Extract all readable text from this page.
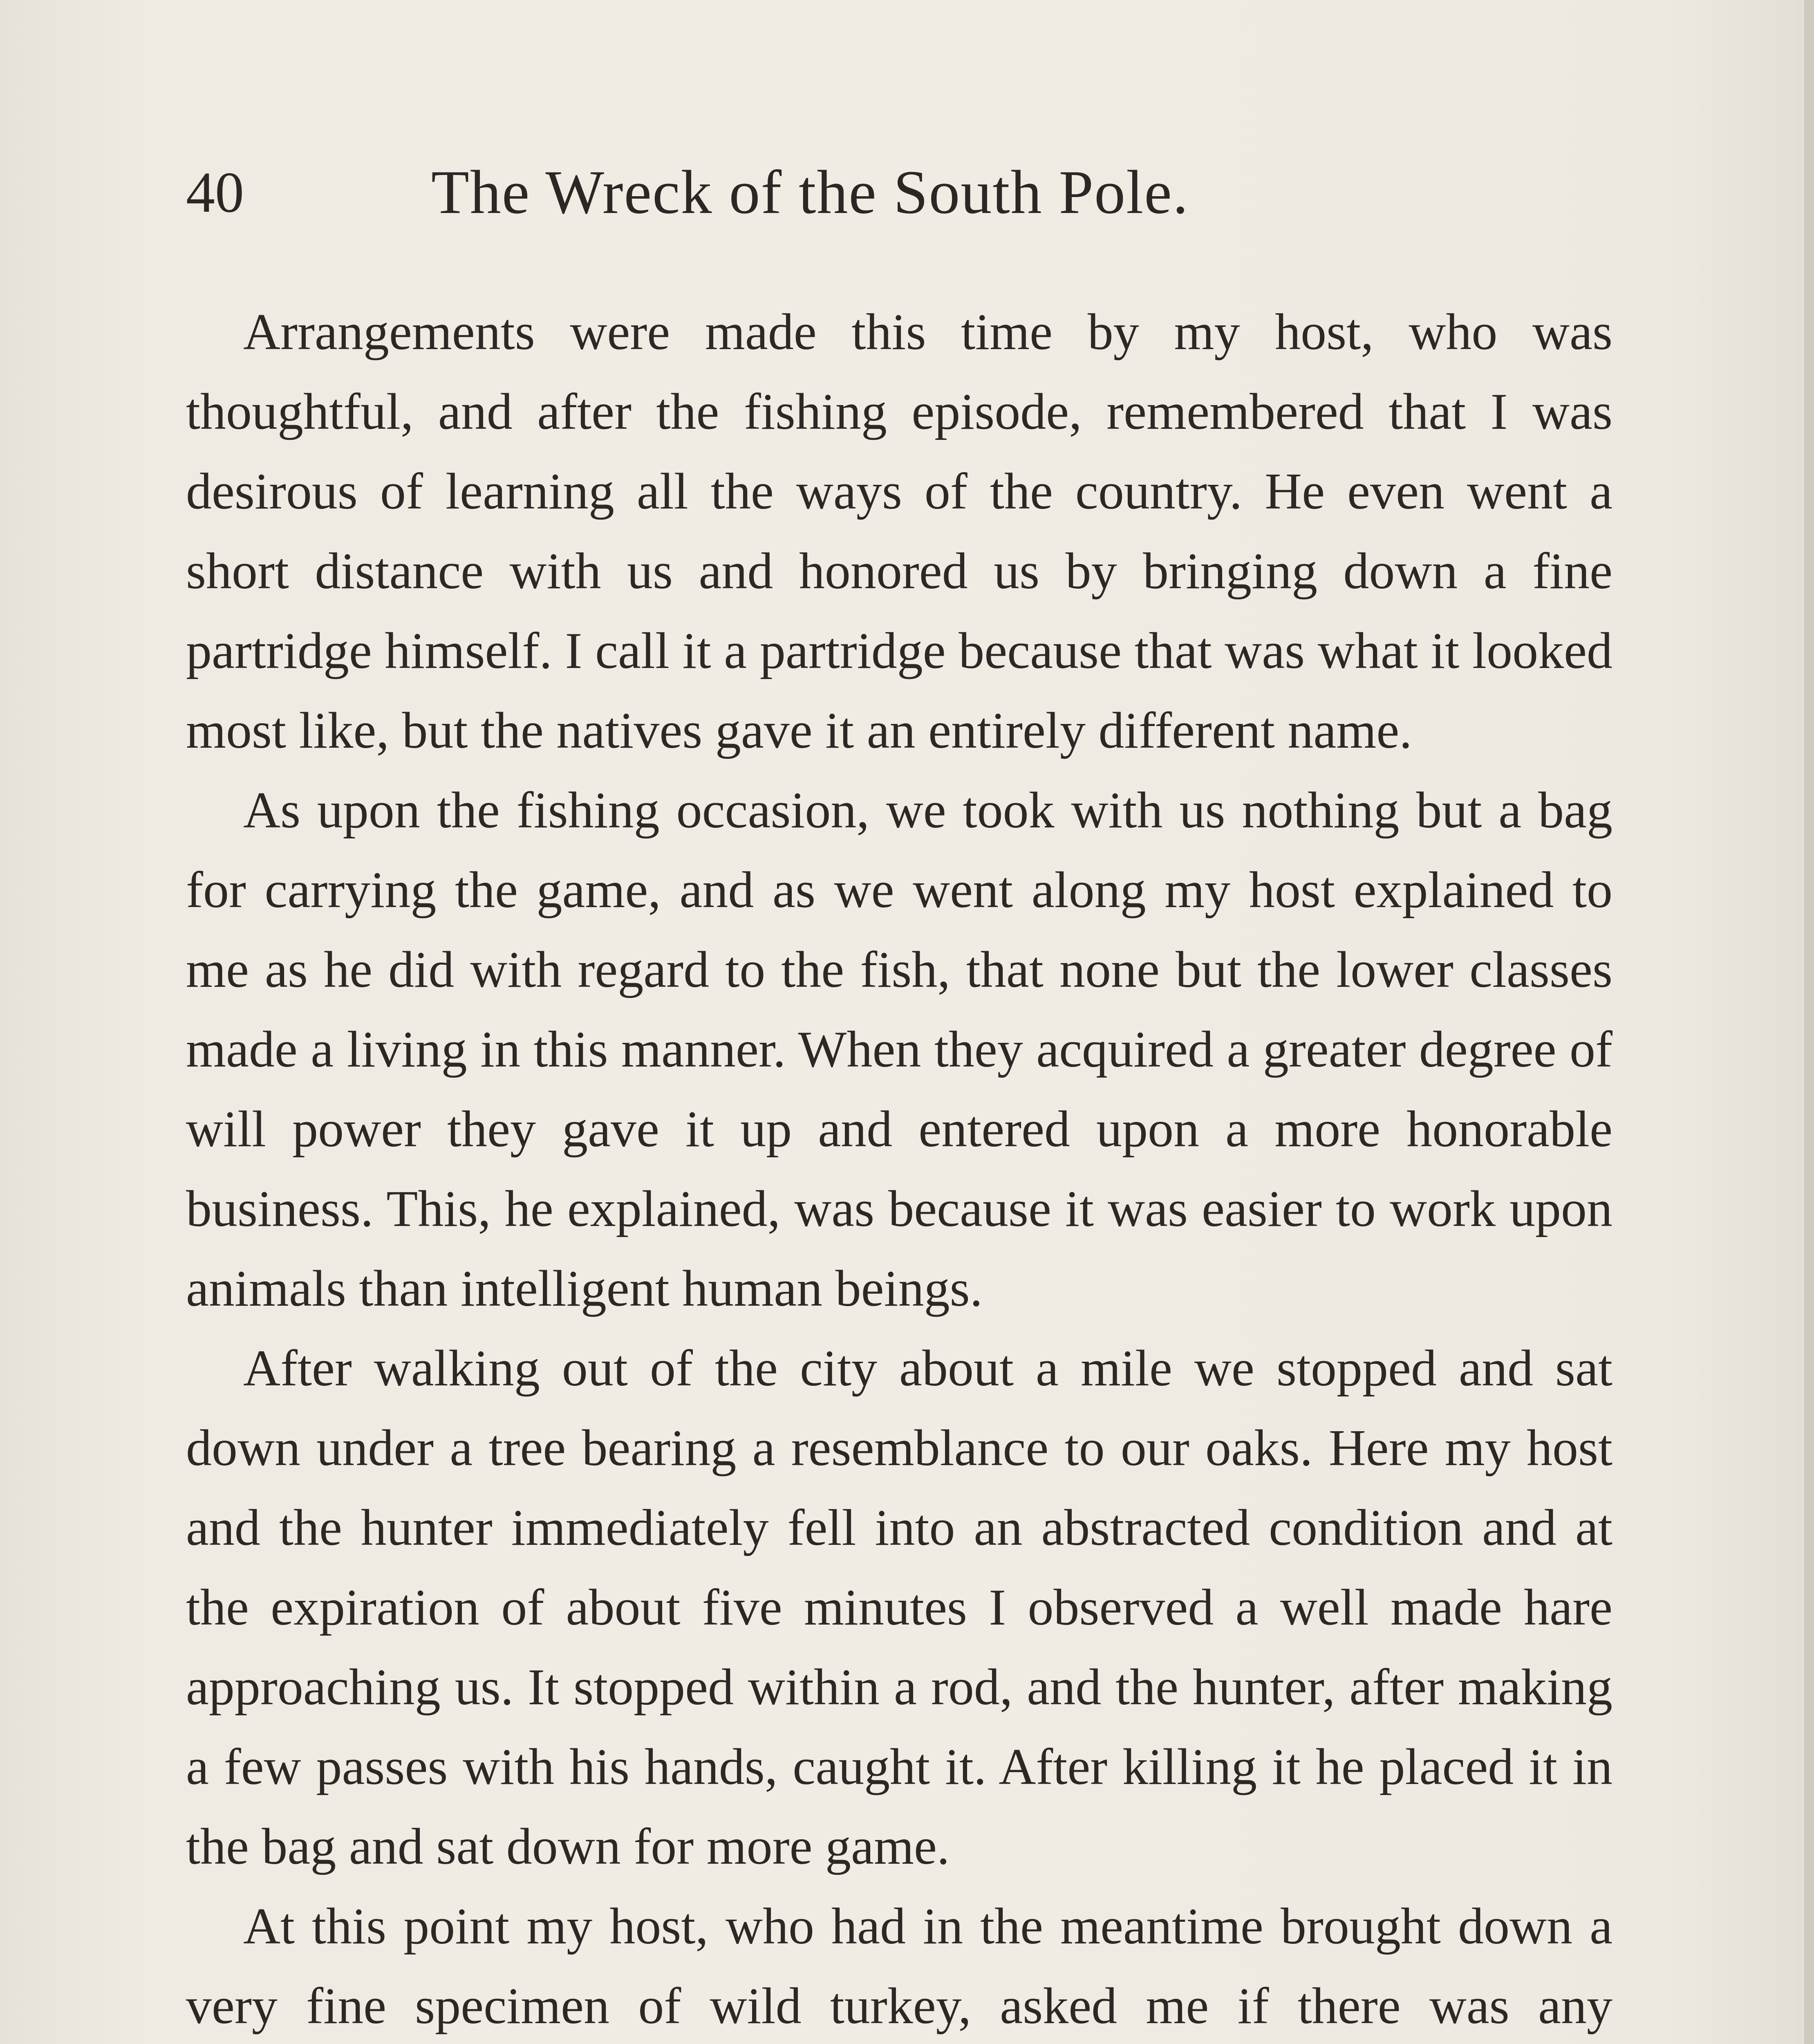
40	The Wreck of the South Pole.

Arrangements were made this time by my host, who was thoughtful, and after the fishing episode, remembered that I was desirous of learning all the ways of the country. He even went a short distance with us and honored us by bringing down a fine partridge himself. I call it a partridge because that was what it looked most like, but the natives gave it an entirely different name.

As upon the fishing occasion, we took with us nothing but a bag for carrying the game, and as we went along my host explained to me as he did with regard to the fish, that none but the lower classes made a living in this manner. When they acquired a greater degree of will power they gave it up and entered upon a more honorable business. This, he explained, was because it was easier to work upon animals than intelligent human beings.

After walking out of the city about a mile we stopped and sat down under a tree bearing a resemblance to our oaks. Here my host and the hunter immediately fell into an abstracted condition and at the expiration of about five minutes I observed a well made hare approaching us. It stopped within a rod, and the hunter, after making a few passes with his hands, caught it. After killing it he placed it in the bag and sat down for more game.

At this point my host, who had in the meantime brought down a very fine specimen of wild turkey, asked me if there was any
